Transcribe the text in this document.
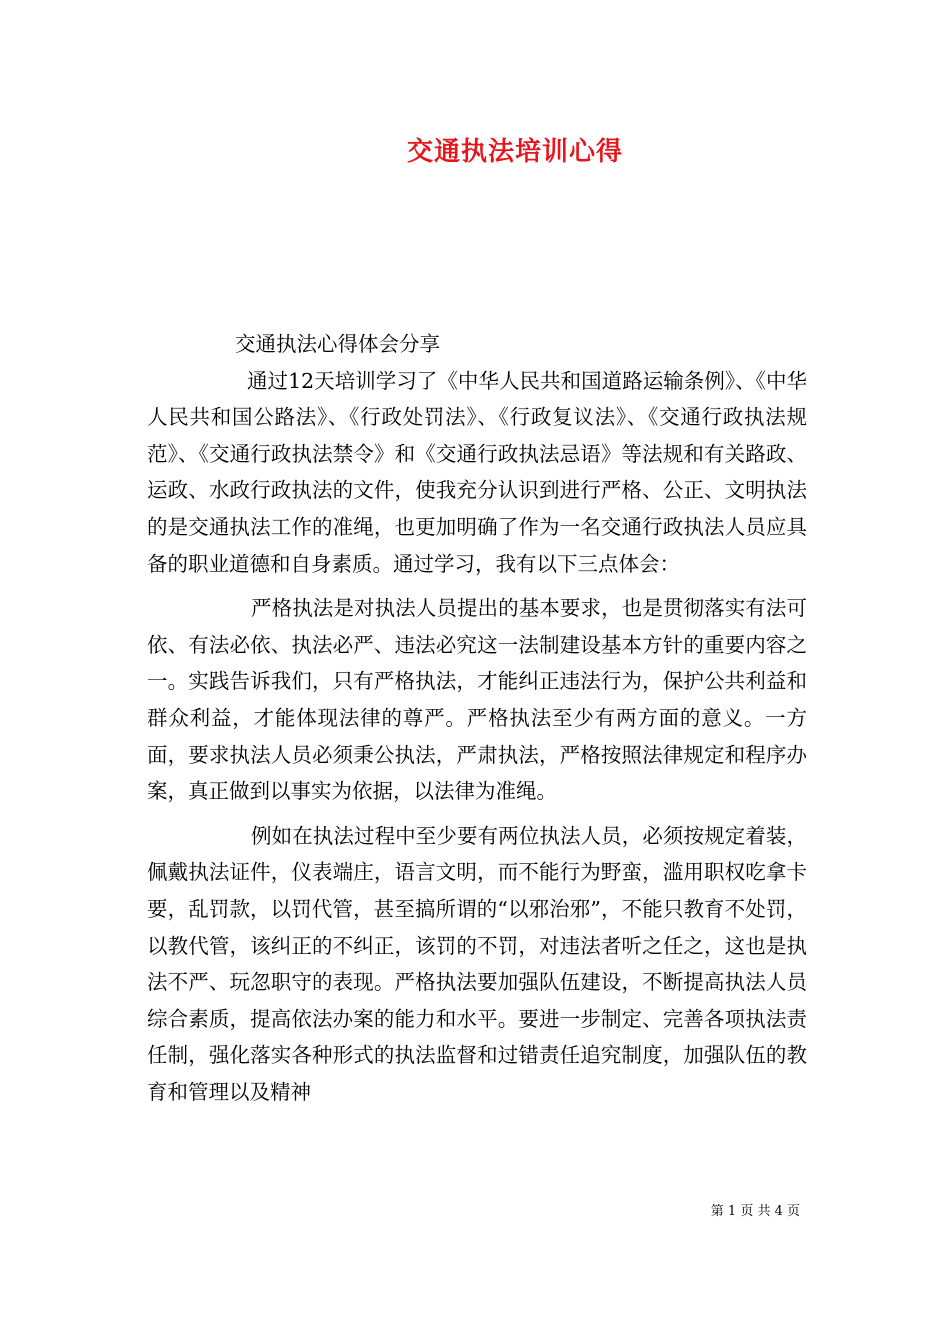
交通执法培训心得

交通执法心得体会分享

通过12天培训学习了《中华人民共和国道路运输条例》、《中华人民共和国公路法》、《行政处罚法》、《行政复议法》、《交通行政执法规范》、《交通行政执法禁令》和《交通行政执法忌语》等法规和有关路政、运政、水政行政执法的文件，使我充分认识到进行严格、公正、文明执法的是交通执法工作的准绳，也更加明确了作为一名交通行政执法人员应具备的职业道德和自身素质。通过学习，我有以下三点体会：

严格执法是对执法人员提出的基本要求，也是贯彻落实有法可依、有法必依、执法必严、违法必究这一法制建设基本方针的重要内容之一。实践告诉我们，只有严格执法，才能纠正违法行为，保护公共利益和群众利益，才能体现法律的尊严。严格执法至少有两方面的意义。一方面，要求执法人员必须秉公执法，严肃执法，严格按照法律规定和程序办案，真正做到以事实为依据，以法律为准绳。

例如在执法过程中至少要有两位执法人员，必须按规定着装，佩戴执法证件，仪表端庄，语言文明，而不能行为野蛮，滥用职权吃拿卡要，乱罚款，以罚代管，甚至搞所谓的“以邪治邪”，不能只教育不处罚，以教代管，该纠正的不纠正，该罚的不罚，对违法者听之任之，这也是执法不严、玩忽职守的表现。严格执法要加强队伍建设，不断提高执法人员综合素质，提高依法办案的能力和水平。要进一步制定、完善各项执法责任制，强化落实各种形式的执法监督和过错责任追究制度，加强队伍的教育和管理以及精神

第 1 页 共 4 页
